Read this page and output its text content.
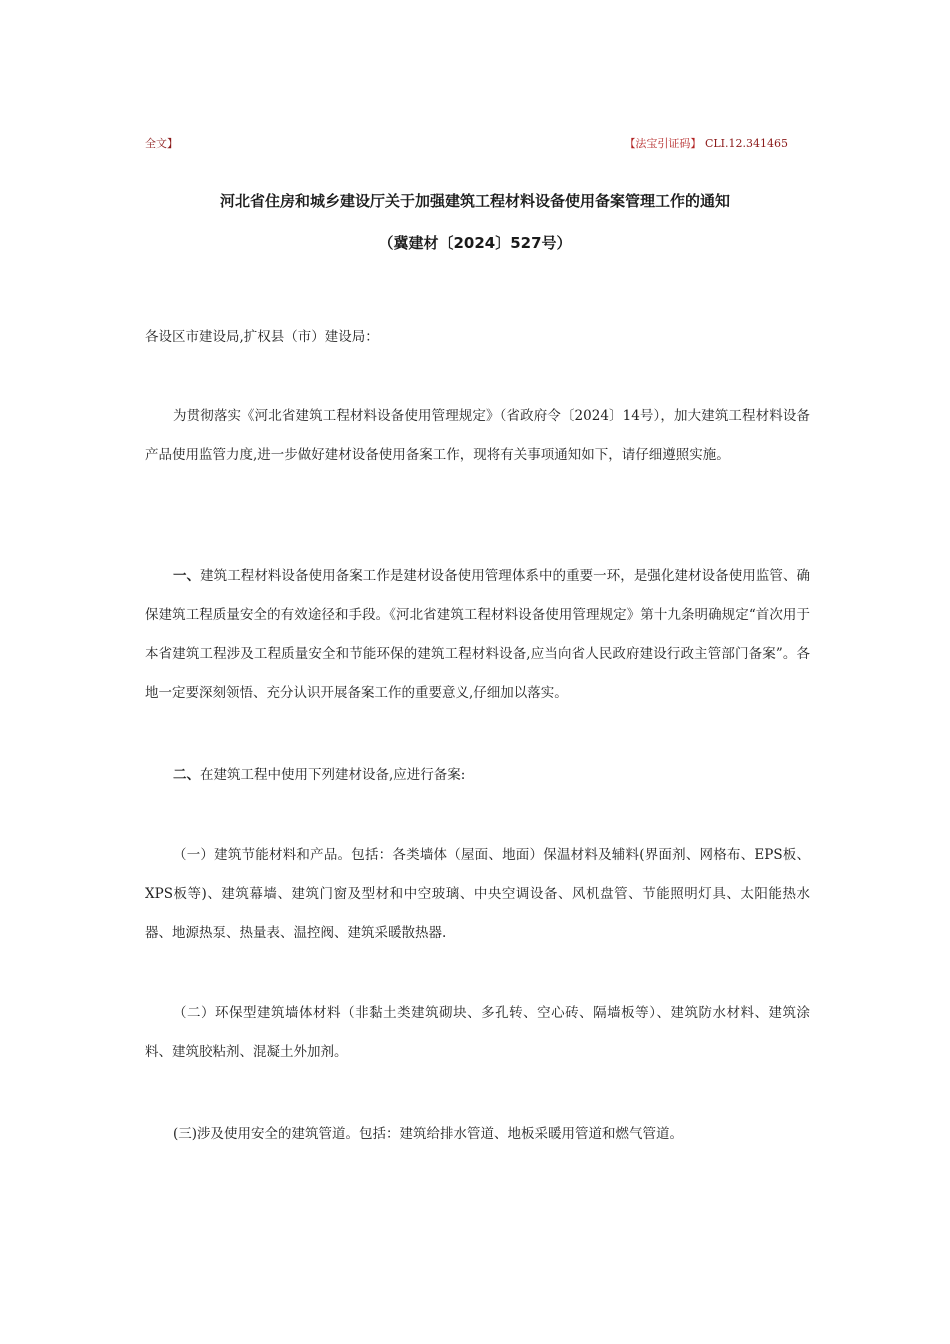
全文】	【法宝引证码】 CLI.12.341465
河北省住房和城乡建设厅关于加强建筑工程材料设备使用备案管理工作的通知
（冀建材〔2024〕527号）

各设区市建设局,扩权县（市）建设局：

为贯彻落实《河北省建筑工程材料设备使用管理规定》（省政府令〔2024〕14号），加大建筑工程材料设备产品使用监管力度,进一步做好建材设备使用备案工作，现将有关事项通知如下，请仔细遵照实施。

一、建筑工程材料设备使用备案工作是建材设备使用管理体系中的重要一环，是强化建材设备使用监管、确保建筑工程质量安全的有效途径和手段。《河北省建筑工程材料设备使用管理规定》第十九条明确规定“首次用于本省建筑工程涉及工程质量安全和节能环保的建筑工程材料设备,应当向省人民政府建设行政主管部门备案”。各地一定要深刻领悟、充分认识开展备案工作的重要意义,仔细加以落实。

二、在建筑工程中使用下列建材设备,应进行备案:

（一）建筑节能材料和产品。包括：各类墙体（屋面、地面）保温材料及辅料(界面剂、网格布、EPS板、XPS板等)、建筑幕墙、建筑门窗及型材和中空玻璃、中央空调设备、风机盘管、节能照明灯具、太阳能热水器、地源热泵、热量表、温控阀、建筑采暖散热器.

（二）环保型建筑墙体材料（非黏土类建筑砌块、多孔转、空心砖、隔墙板等）、建筑防水材料、建筑涂料、建筑胶粘剂、混凝土外加剂。

(三)涉及使用安全的建筑管道。包括：建筑给排水管道、地板采暖用管道和燃气管道。
